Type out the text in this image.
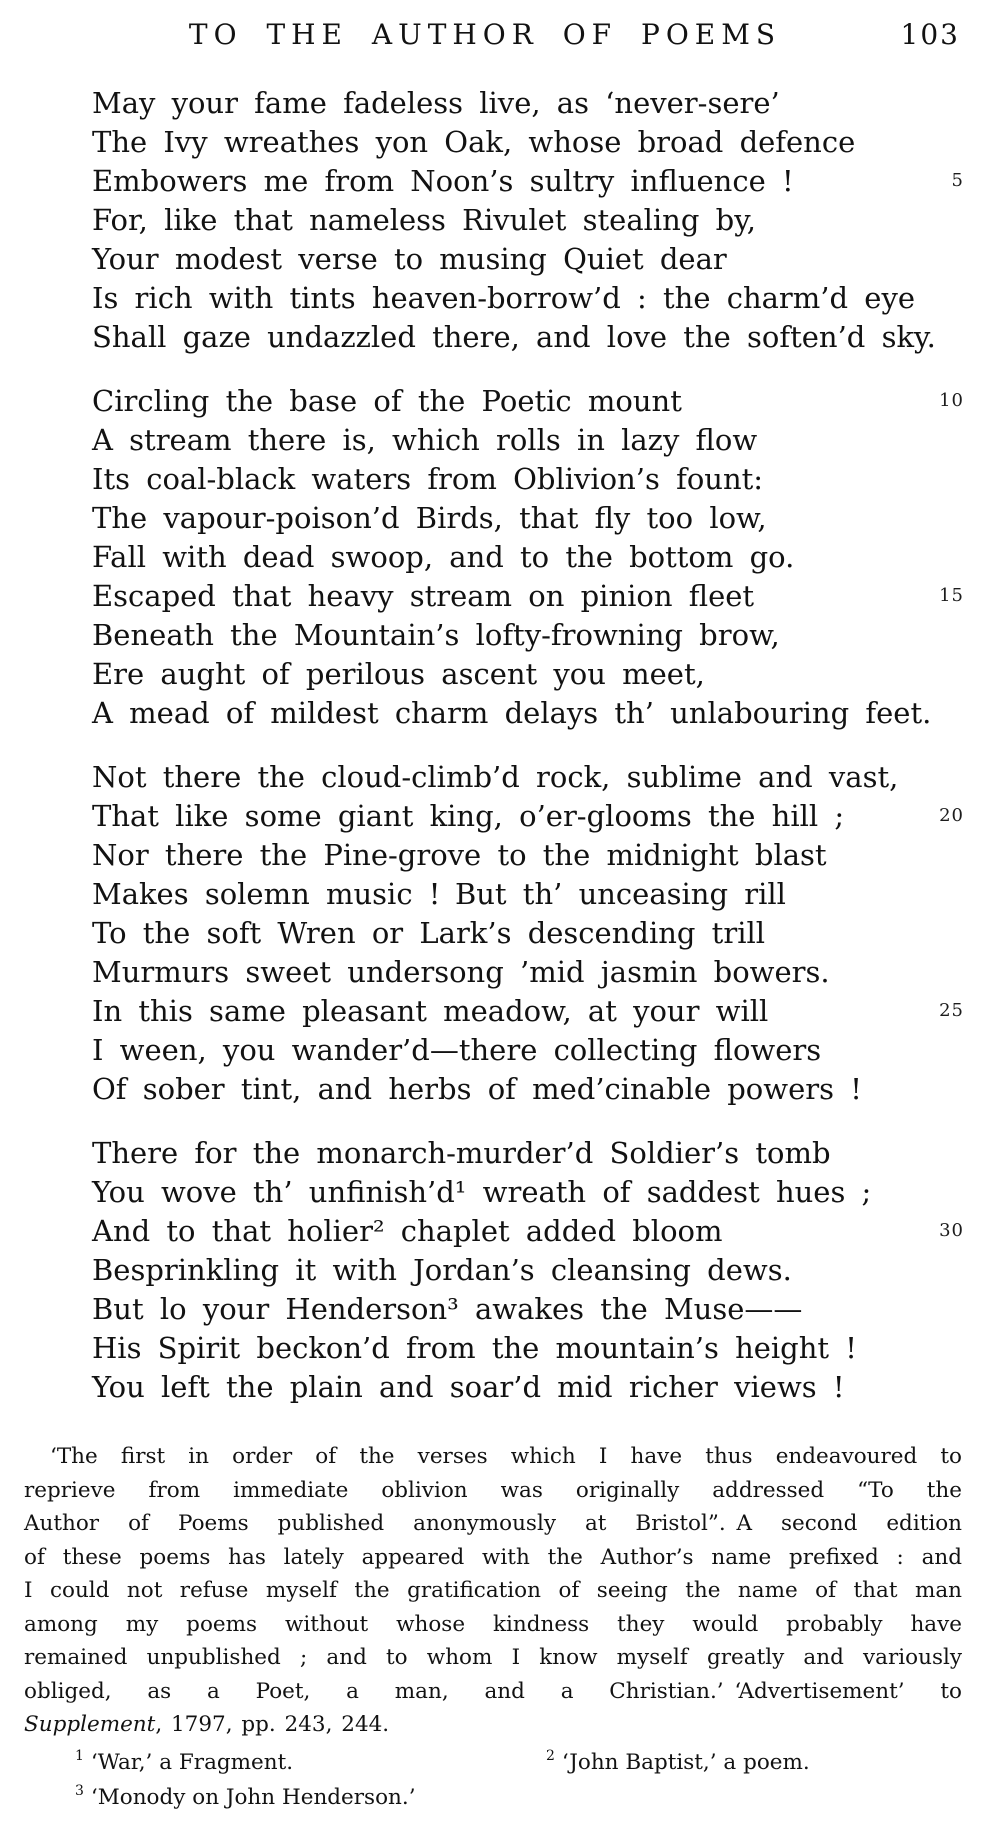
TO THE AUTHOR OF POEMS	103
May your fame fadeless live, as ‘never-sere’
The Ivy wreathes yon Oak, whose broad defence
Embowers me from Noon’s sultry influence !	5
For, like that nameless Rivulet stealing by,
Your modest verse to musing Quiet dear
Is rich with tints heaven-borrow’d : the charm’d eye
Shall gaze undazzled there, and love the soften’d sky.
Circling the base of the Poetic mount	10
A stream there is, which rolls in lazy flow
Its coal-black waters from Oblivion’s fount:
The vapour-poison’d Birds, that fly too low,
Fall with dead swoop, and to the bottom go.
Escaped that heavy stream on pinion fleet	15
Beneath the Mountain’s lofty-frowning brow,
Ere aught of perilous ascent you meet,
A mead of mildest charm delays th’ unlabouring feet.
Not there the cloud-climb’d rock, sublime and vast,
That like some giant king, o’er-glooms the hill ;	20
Nor there the Pine-grove to the midnight blast
Makes solemn music ! But th’ unceasing rill
To the soft Wren or Lark’s descending trill
Murmurs sweet undersong ’mid jasmin bowers.
In this same pleasant meadow, at your will	25
I ween, you wander’d—there collecting flowers
Of sober tint, and herbs of med’cinable powers !
There for the monarch-murder’d Soldier’s tomb
You wove th’ unfinish’d¹ wreath of saddest hues ;
And to that holier² chaplet added bloom	30
Besprinkling it with Jordan’s cleansing dews.
But lo your Henderson³ awakes the Muse——
His Spirit beckon’d from the mountain’s height !
You left the plain and soar’d mid richer views !
‘The first in order of the verses which I have thus endeavoured to
reprieve from immediate oblivion was originally addressed “To the
Author of Poems published anonymously at Bristol”. A second edition
of these poems has lately appeared with the Author’s name prefixed : and
I could not refuse myself the gratification of seeing the name of that man
among my poems without whose kindness they would probably have
remained unpublished ; and to whom I know myself greatly and variously
obliged, as a Poet, a man, and a Christian.’ ‘Advertisement’ to
Supplement, 1797, pp. 243, 244.
$^1$ ‘War,’ a Fragment.	$^2$ ‘John Baptist,’ a poem.
$^3$ ‘Monody on John Henderson.’
